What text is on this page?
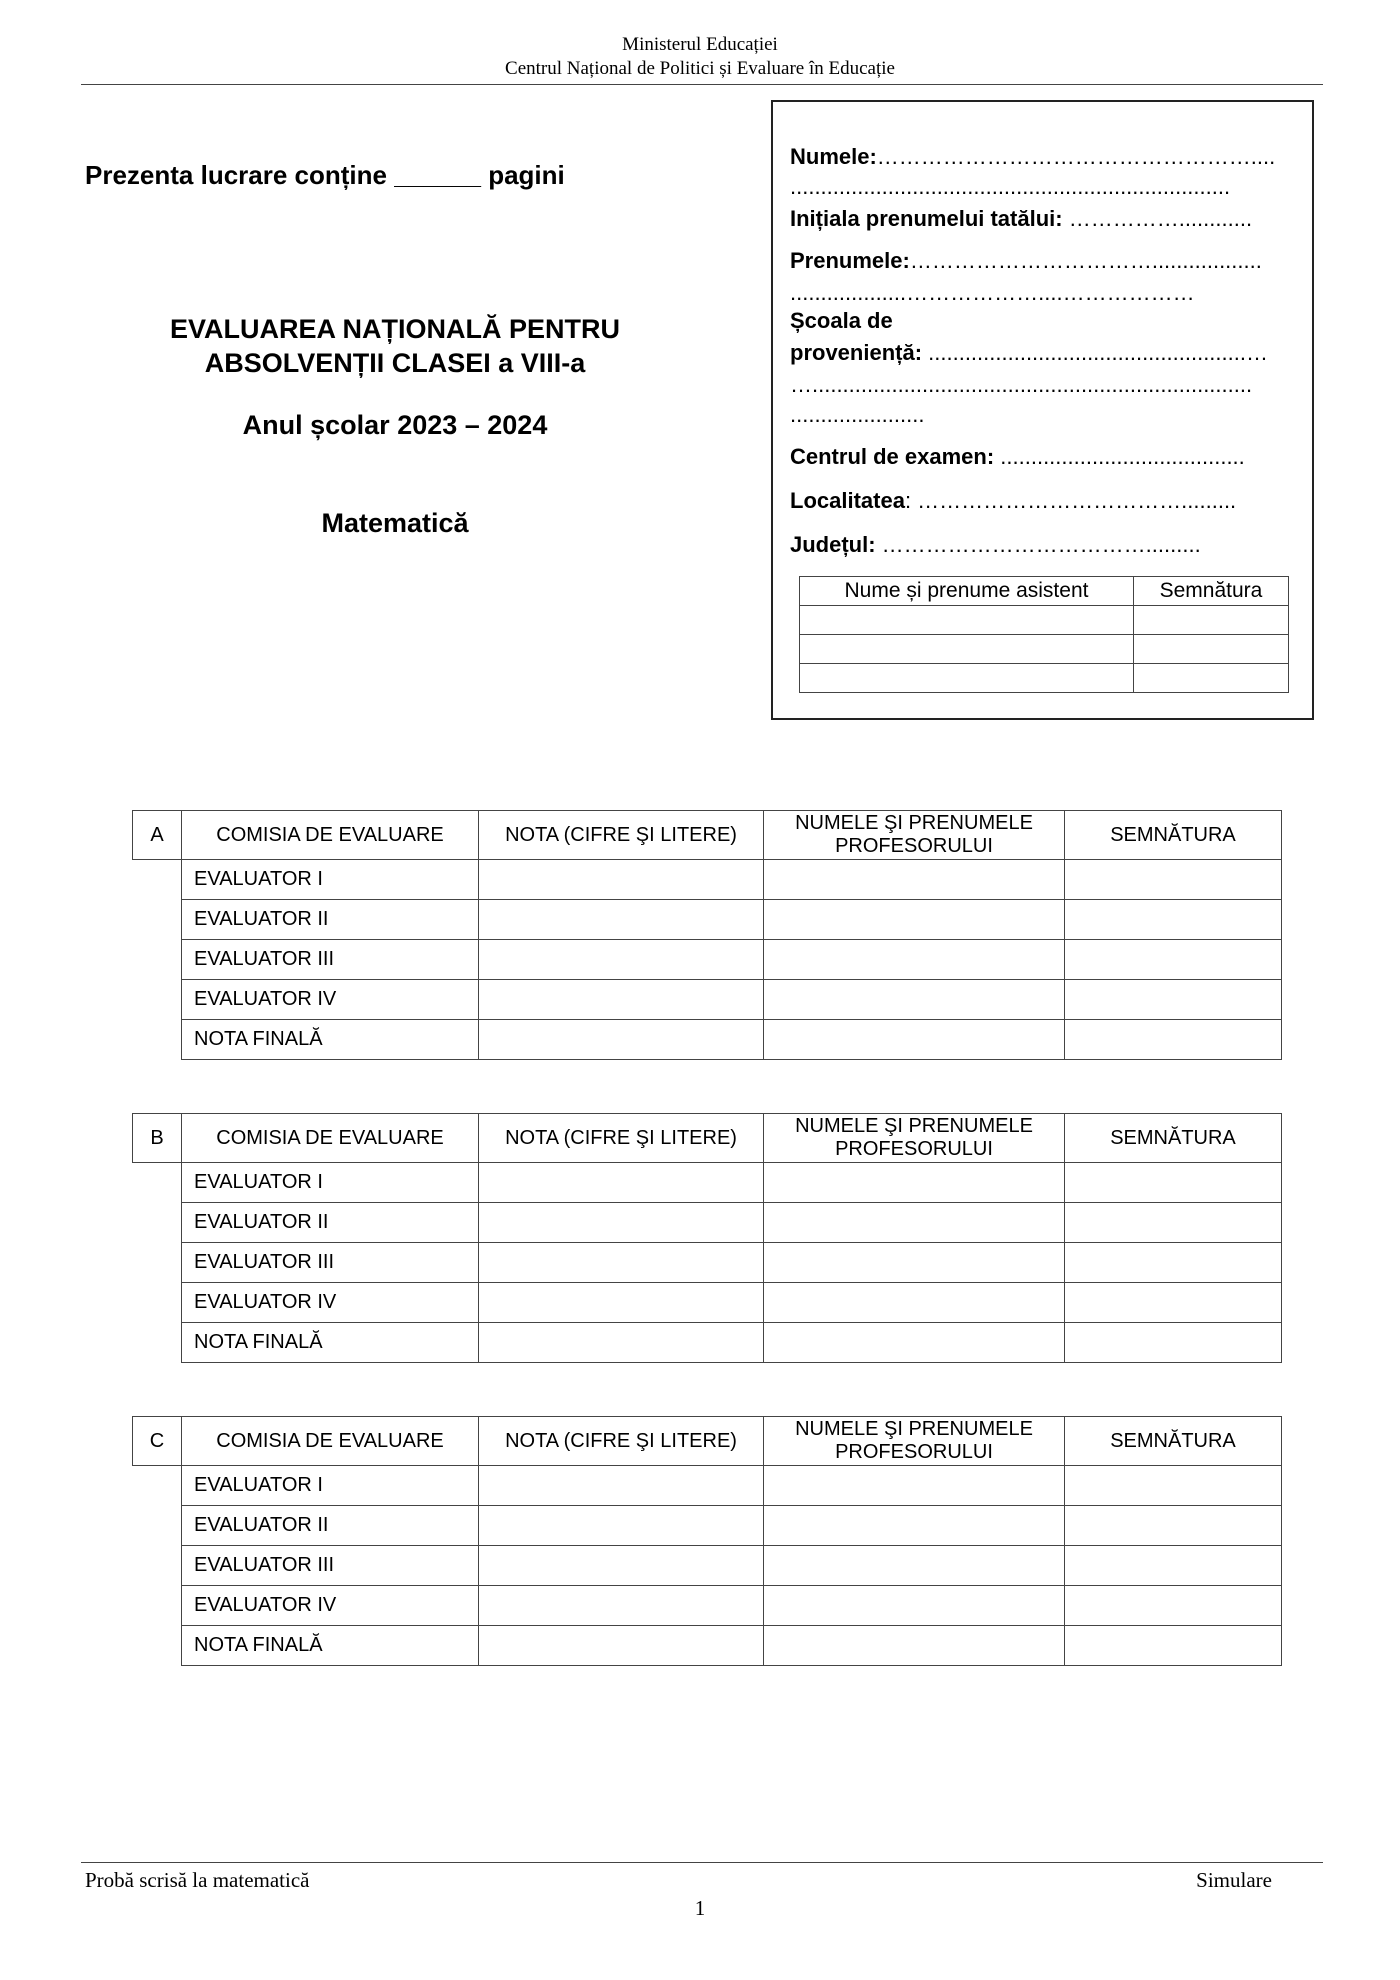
Ministerul Educației
Centrul Național de Politici și Evaluare în Educație
Prezenta lucrare conține ______ pagini
EVALUAREA NAȚIONALĂ PENTRU
ABSOLVENȚII CLASEI a VIII-a
Anul școlar 2023 – 2024
Matematică
Numele:……………………………………………....
........................................................................
Inițiala prenumelui tatălui: ……………............
Prenumele:……………………………..................
...................………………....………………
Școala de
proveniență: ....................................................…
…........................................................................
......................
Centrul de examen: ........................................
Localitatea: ……………………………….........
Județul: ……………………………….........
Nume și prenume asistent	Semnătura

A	COMISIA DE EVALUARE	NOTA (CIFRE ŞI LITERE)	NUMELE ŞI PRENUMELE
PROFESORULUI	SEMNĂTURA
	EVALUATOR I			
	EVALUATOR II			
	EVALUATOR III			
	EVALUATOR IV			
	NOTA FINALĂ			
B	COMISIA DE EVALUARE	NOTA (CIFRE ŞI LITERE)	NUMELE ŞI PRENUMELE
PROFESORULUI	SEMNĂTURA
	EVALUATOR I			
	EVALUATOR II			
	EVALUATOR III			
	EVALUATOR IV			
	NOTA FINALĂ			
C	COMISIA DE EVALUARE	NOTA (CIFRE ŞI LITERE)	NUMELE ŞI PRENUMELE
PROFESORULUI	SEMNĂTURA
	EVALUATOR I			
	EVALUATOR II			
	EVALUATOR III			
	EVALUATOR IV			
	NOTA FINALĂ			
Probă scrisă la matematică	Simulare
1
